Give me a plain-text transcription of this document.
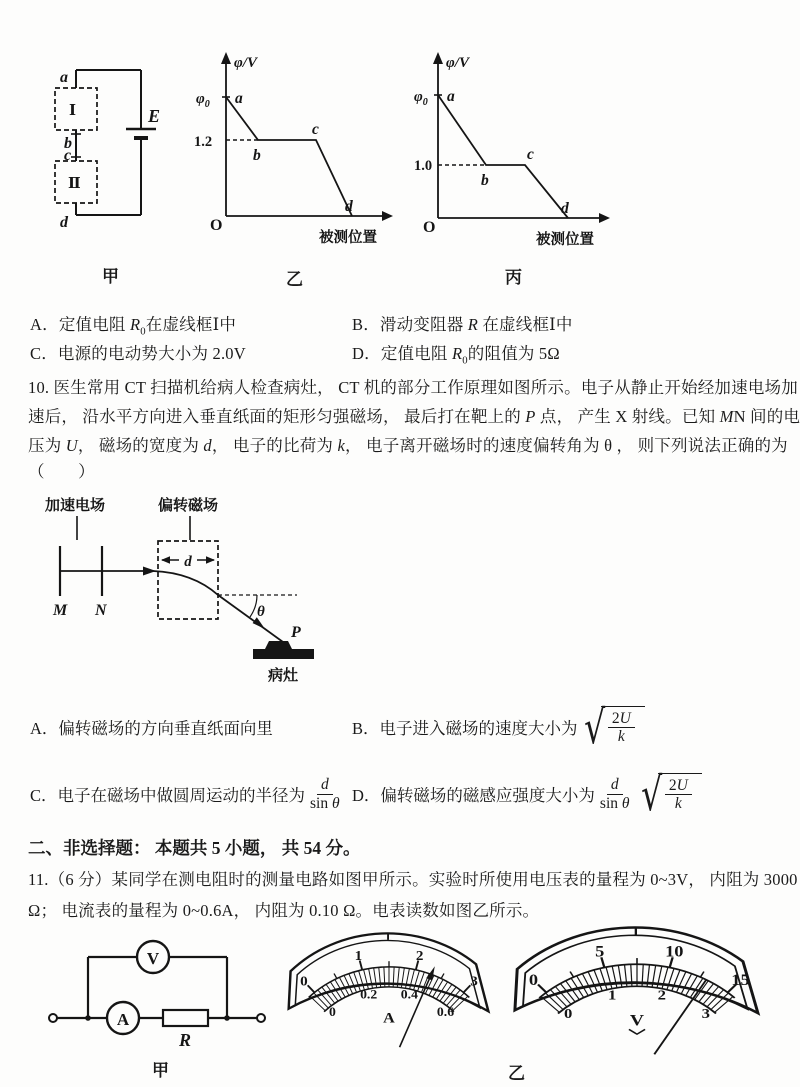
a
b
c
d
Ⅰ
Ⅱ
E
φ/V
$\varphi_0$
1.2
a
b
c
d
O
被测位置
φ/V
$\varphi_0$
1.0
a
b
c
d
O
被测位置
甲	乙	丙
A．定值电阻 $R_0$在虚线框Ⅰ中	B．滑动变阻器 R 在虚线框Ⅰ中
C．电源的电动势大小为 2.0V	D．定值电阻 $R_0$的阻值为 5Ω
10. 医生常用 CT 扫描机给病人检查病灶， CT 机的部分工作原理如图所示。电子从静止开始经加速电场加
速后， 沿水平方向进入垂直纸面的矩形匀强磁场， 最后打在靶上的 P 点， 产生 X 射线。已知 MN 间的电
压为 U， 磁场的宽度为 d， 电子的比荷为 k， 电子离开磁场时的速度偏转角为 θ ， 则下列说法正确的为
（　　）
加速电场	偏转磁场
θ
d
M N
P
病灶
A．偏转磁场的方向垂直纸面向里	B．电子进入磁场的速度大小为 √ $\frac{2U}{k}$
C．电子在磁场中做圆周运动的半径为 $\frac{d}{\text{sin θ}}$ D．偏转磁场的磁感应强度大小为 $\frac{d}{\text{sin θ}}$ √ $\frac{2U}{k}$
二、非选择题： 本题共 5 小题， 共 54 分。
11.（6 分）某同学在测电阻时的测量电路如图甲所示。实验时所使用电压表的量程为 0~3V， 内阻为 3000
Ω； 电流表的量程为 0~0.6A， 内阻为 0.10 Ω。电表读数如图乙所示。
V
A
R
0
0
1
0.2
2
0.4
3
0.6
A
0
0
5
1
10
2
15
3
V
甲	乙
